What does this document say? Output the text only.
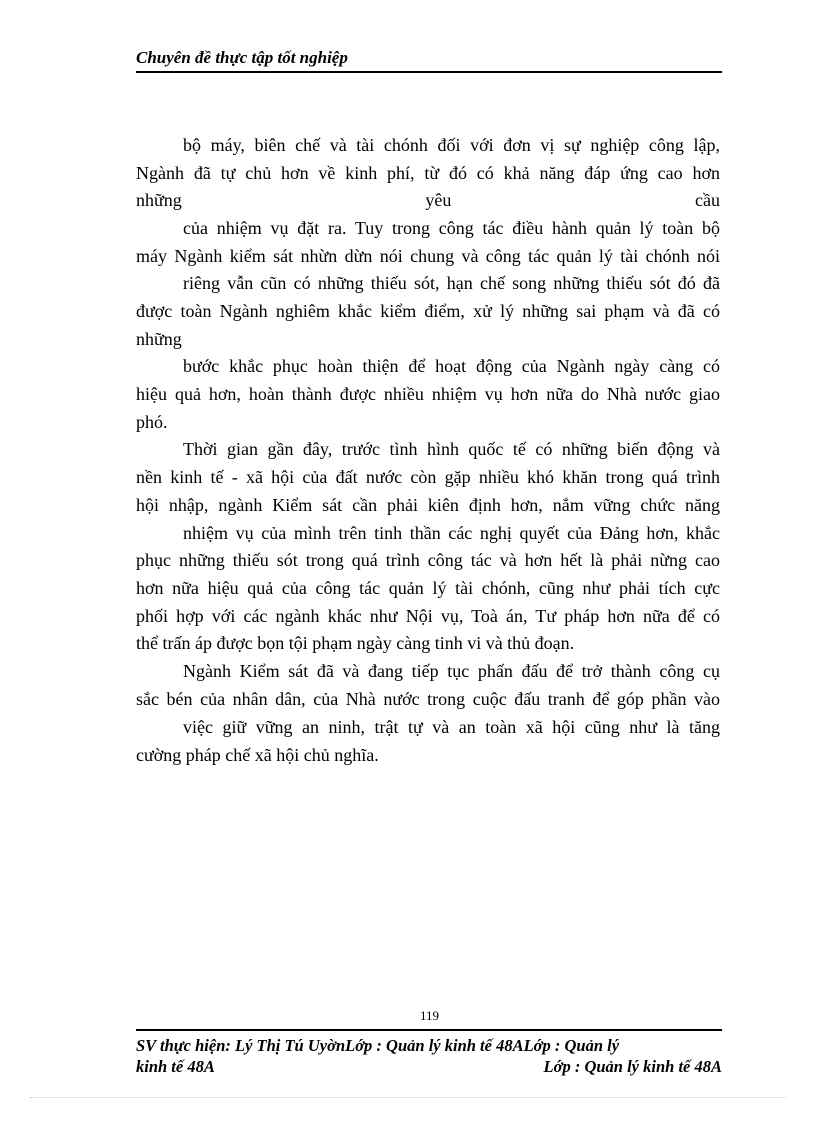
Chuyên đề thực tập tốt nghiệp
bộ máy, biên chế và tài chónh đối với đơn vị sự nghiệp công lập,
Ngành đã tự chủ hơn về kinh phí, từ đó có khả năng đáp ứng cao hơn
những yêu cầu
của nhiệm vụ đặt ra. Tuy trong công tác điều hành quản lý toàn bộ
máy Ngành kiểm sát nhừn dừn nói chung và công tác quản lý tài chónh nói
riêng vẫn cũn có những thiếu sót, hạn chế song những thiếu sót đó đã
được toàn Ngành nghiêm khắc kiểm điểm, xử lý những sai phạm và đã có
những
bước khắc phục hoàn thiện để hoạt động của Ngành ngày càng có
hiệu quả hơn, hoàn thành được nhiều nhiệm vụ hơn nữa do Nhà nước giao
phó.
Thời gian gần đây, trước tình hình quốc tế có những biến động và
nền kinh tế - xã hội của đất nước còn gặp nhiều khó khăn trong quá trình
hội nhập, ngành Kiểm sát cần phải kiên định hơn, nắm vững chức năng
nhiệm vụ của mình trên tinh thần các nghị quyết của Đảng hơn, khắc
phục những thiếu sót trong quá trình công tác và hơn hết là phải nừng cao
hơn nữa hiệu quả của công tác quản lý tài chónh, cũng như phải tích cực
phối hợp với các ngành khác như Nội vụ, Toà án, Tư pháp hơn nữa để có
thể trấn áp được bọn tội phạm ngày càng tinh vi và thủ đoạn.
Ngành Kiểm sát đã và đang tiếp tục phấn đấu để trở thành công cụ
sắc bén của nhân dân, của Nhà nước trong cuộc đấu tranh để góp phần vào
việc giữ vững an ninh, trật tự và an toàn xã hội cũng như là tăng
cường pháp chế xã hội chủ nghĩa.
119
SV thực hiện: Lý Thị Tú UyờnLớp : Quản lý kinh tế 48ALớp : Quản lý
kinh tế 48A	Lớp : Quản lý kinh tế 48A
